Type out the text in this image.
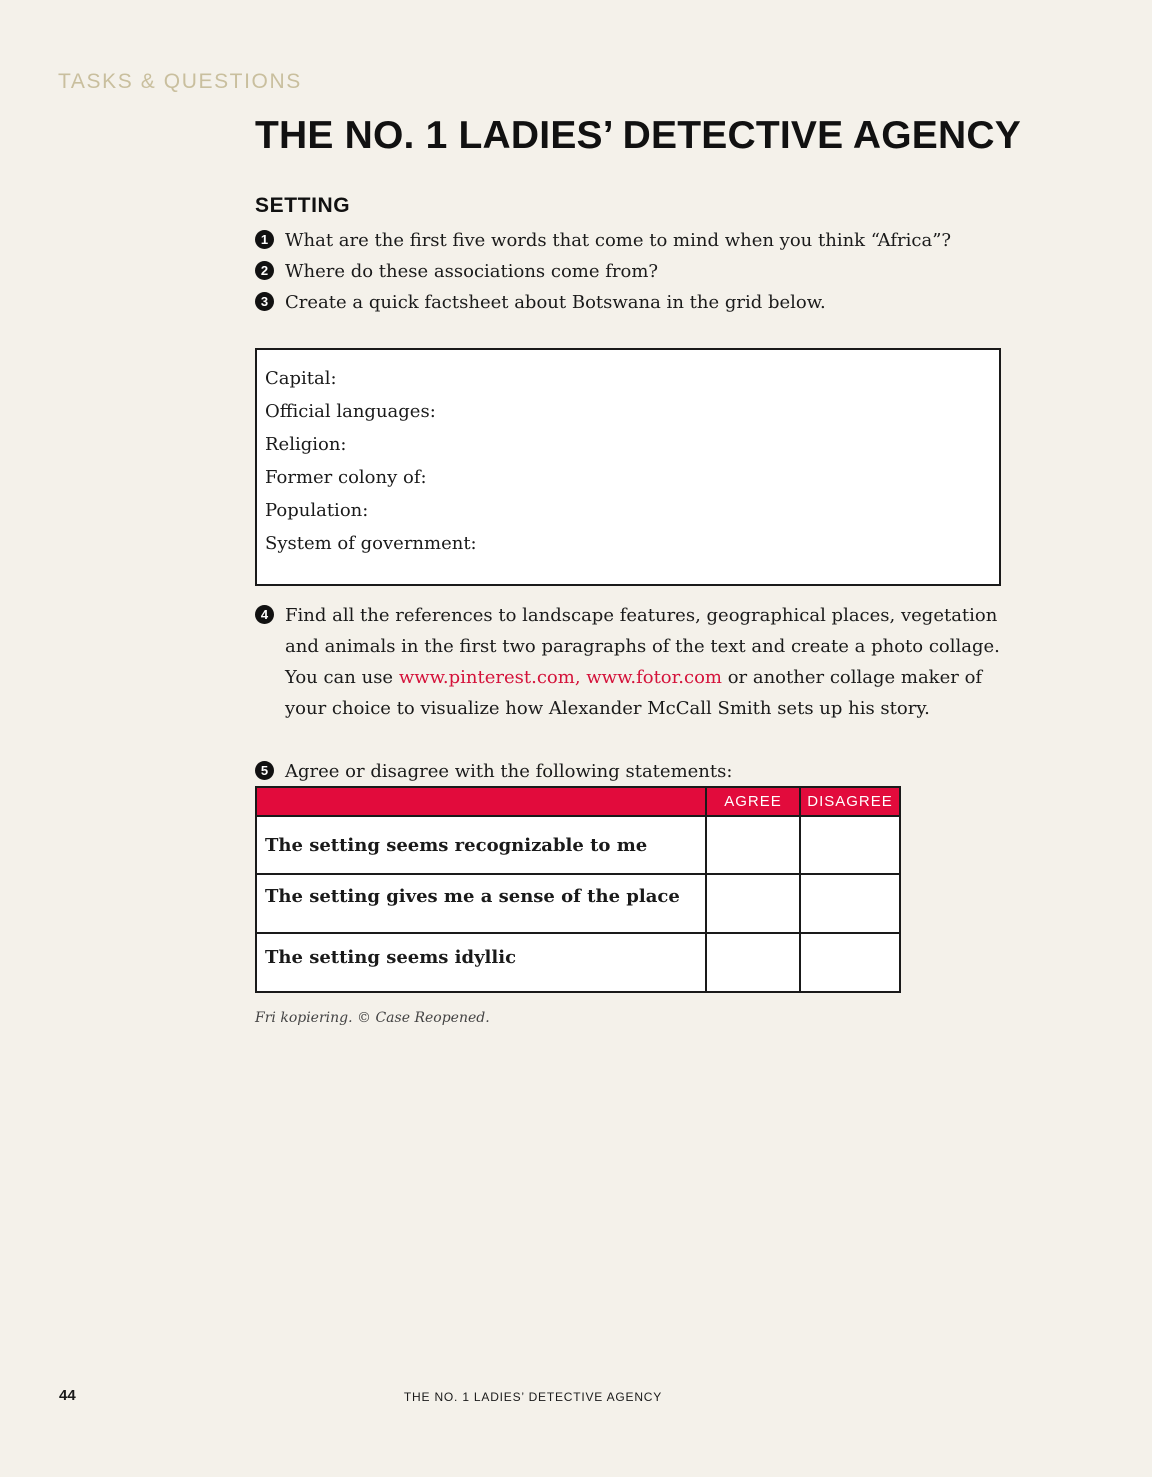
TASKS & QUESTIONS
THE NO. 1 LADIES’ DETECTIVE AGENCY
SETTING
1 What are the first five words that come to mind when you think “Africa”?
2 Where do these associations come from?
3 Create a quick factsheet about Botswana in the grid below.
Capital:
Official languages:
Religion:
Former colony of:
Population:
System of government:
4 Find all the references to landscape features, geographical places, vegetation and animals in the first two paragraphs of the text and create a photo collage. You can use www.pinterest.com, www.fotor.com or another collage maker of your choice to visualize how Alexander McCall Smith sets up his story.
5 Agree or disagree with the following statements:
	AGREE	DISAGREE
The setting seems recognizable to me		
The setting gives me a sense of the place		
The setting seems idyllic		
Fri kopiering. © Case Reopened.
44	THE NO. 1 LADIES’ DETECTIVE AGENCY
